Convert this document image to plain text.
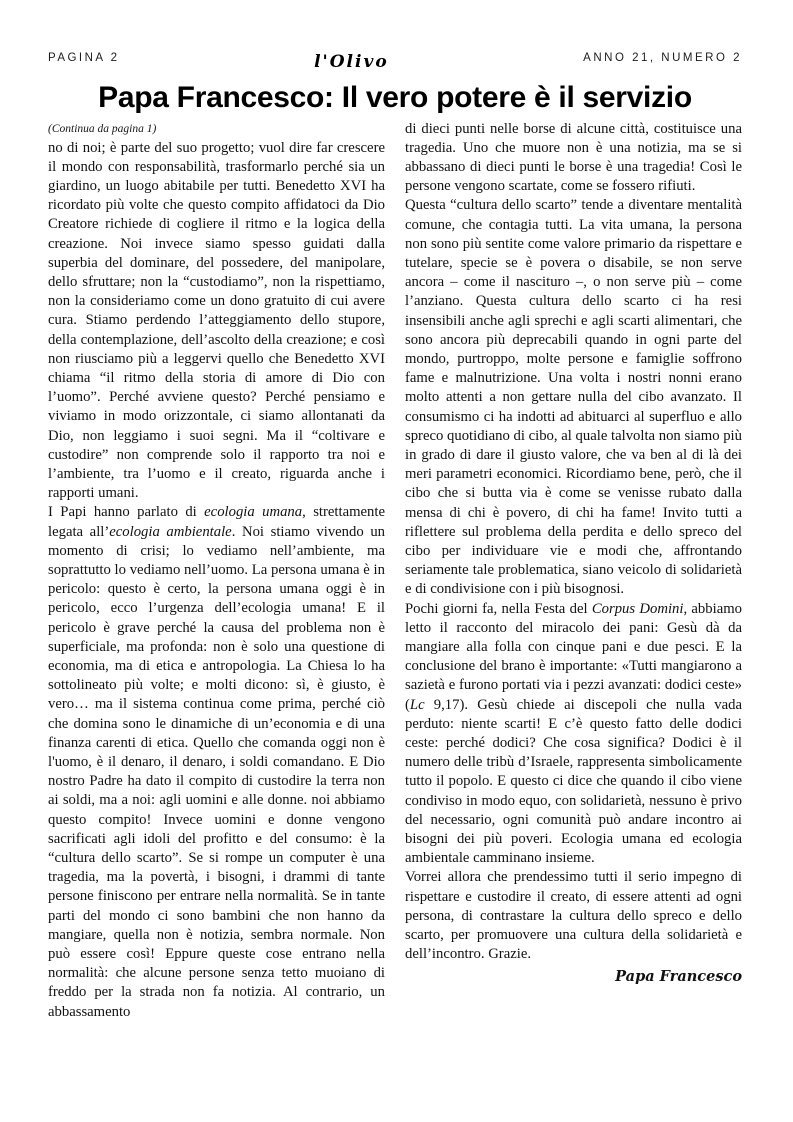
PAGINA 2	l'Olivo	ANNO 21, NUMERO 2
Papa Francesco: Il vero potere è il servizio
(Continua da pagina 1)

no di noi; è parte del suo progetto; vuol dire far crescere il mondo con responsabilità, trasformarlo perché sia un giardino, un luogo abitabile per tutti. Benedetto XVI ha ricordato più volte che questo compito affidatoci da Dio Creatore richiede di cogliere il ritmo e la logica della creazione. Noi invece siamo spesso guidati dalla superbia del dominare, del possedere, del manipolare, dello sfruttare; non la “custodiamo”, non la rispettiamo, non la consideriamo come un dono gratuito di cui avere cura. Stiamo perdendo l’atteggiamento dello stupore, della contemplazione, dell’ascolto della creazione; e così non riusciamo più a leggervi quello che Benedetto XVI chiama “il ritmo della storia di amore di Dio con l’uomo”. Perché avviene questo? Perché pensiamo e viviamo in modo orizzontale, ci siamo allontanati da Dio, non leggiamo i suoi segni. Ma il “coltivare e custodire” non comprende solo il rapporto tra noi e l’ambiente, tra l’uomo e il creato, riguarda anche i rapporti umani.

I Papi hanno parlato di ecologia umana, strettamente legata all’ecologia ambientale. Noi stiamo vivendo un momento di crisi; lo vediamo nell’ambiente, ma soprattutto lo vediamo nell’uomo. La persona umana è in pericolo: questo è certo, la persona umana oggi è in pericolo, ecco l’urgenza dell’ecologia umana! E il pericolo è grave perché la causa del problema non è superficiale, ma profonda: non è solo una questione di economia, ma di etica e antropologia. La Chiesa lo ha sottolineato più volte; e molti dicono: sì, è giusto, è vero… ma il sistema continua come prima, perché ciò che domina sono le dinamiche di un’economia e di una finanza carenti di etica. Quello che comanda oggi non è l'uomo, è il denaro, il denaro, i soldi comandano. E Dio nostro Padre ha dato il compito di custodire la terra non ai soldi, ma a noi: agli uomini e alle donne. noi abbiamo questo compito! Invece uomini e donne vengono sacrificati agli idoli del profitto e del consumo: è la “cultura dello scarto”. Se si rompe un computer è una tragedia, ma la povertà, i bisogni, i drammi di tante persone finiscono per entrare nella normalità. Se in tante parti del mondo ci sono bambini che non hanno da mangiare, quella non è notizia, sembra normale. Non può essere così! Eppure queste cose entrano nella normalità: che alcune persone senza tetto muoiano di freddo per la strada non fa notizia. Al contrario, un abbassamento

di dieci punti nelle borse di alcune città, costituisce una tragedia. Uno che muore non è una notizia, ma se si abbassano di dieci punti le borse è una tragedia! Così le persone vengono scartate, come se fossero rifiuti.

Questa “cultura dello scarto” tende a diventare mentalità comune, che contagia tutti. La vita umana, la persona non sono più sentite come valore primario da rispettare e tutelare, specie se è povera o disabile, se non serve ancora – come il nascituro –, o non serve più – come l’anziano. Questa cultura dello scarto ci ha resi insensibili anche agli sprechi e agli scarti alimentari, che sono ancora più deprecabili quando in ogni parte del mondo, purtroppo, molte persone e famiglie soffrono fame e malnutrizione. Una volta i nostri nonni erano molto attenti a non gettare nulla del cibo avanzato. Il consumismo ci ha indotti ad abituarci al superfluo e allo spreco quotidiano di cibo, al quale talvolta non siamo più in grado di dare il giusto valore, che va ben al di là dei meri parametri economici. Ricordiamo bene, però, che il cibo che si butta via è come se venisse rubato dalla mensa di chi è povero, di chi ha fame! Invito tutti a riflettere sul problema della perdita e dello spreco del cibo per individuare vie e modi che, affrontando seriamente tale problematica, siano veicolo di solidarietà e di condivisione con i più bisognosi.

Pochi giorni fa, nella Festa del Corpus Domini, abbiamo letto il racconto del miracolo dei pani: Gesù dà da mangiare alla folla con cinque pani e due pesci. E la conclusione del brano è importante: «Tutti mangiarono a sazietà e furono portati via i pezzi avanzati: dodici ceste» (Lc 9,17). Gesù chiede ai discepoli che nulla vada perduto: niente scarti! E c’è questo fatto delle dodici ceste: perché dodici? Che cosa significa? Dodici è il numero delle tribù d’Israele, rappresenta simbolicamente tutto il popolo. E questo ci dice che quando il cibo viene condiviso in modo equo, con solidarietà, nessuno è privo del necessario, ogni comunità può andare incontro ai bisogni dei più poveri. Ecologia umana ed ecologia ambientale camminano insieme.

Vorrei allora che prendessimo tutti il serio impegno di rispettare e custodire il creato, di essere attenti ad ogni persona, di contrastare la cultura dello spreco e dello scarto, per promuovere una cultura della solidarietà e dell’incontro. Grazie.

Papa Francesco
